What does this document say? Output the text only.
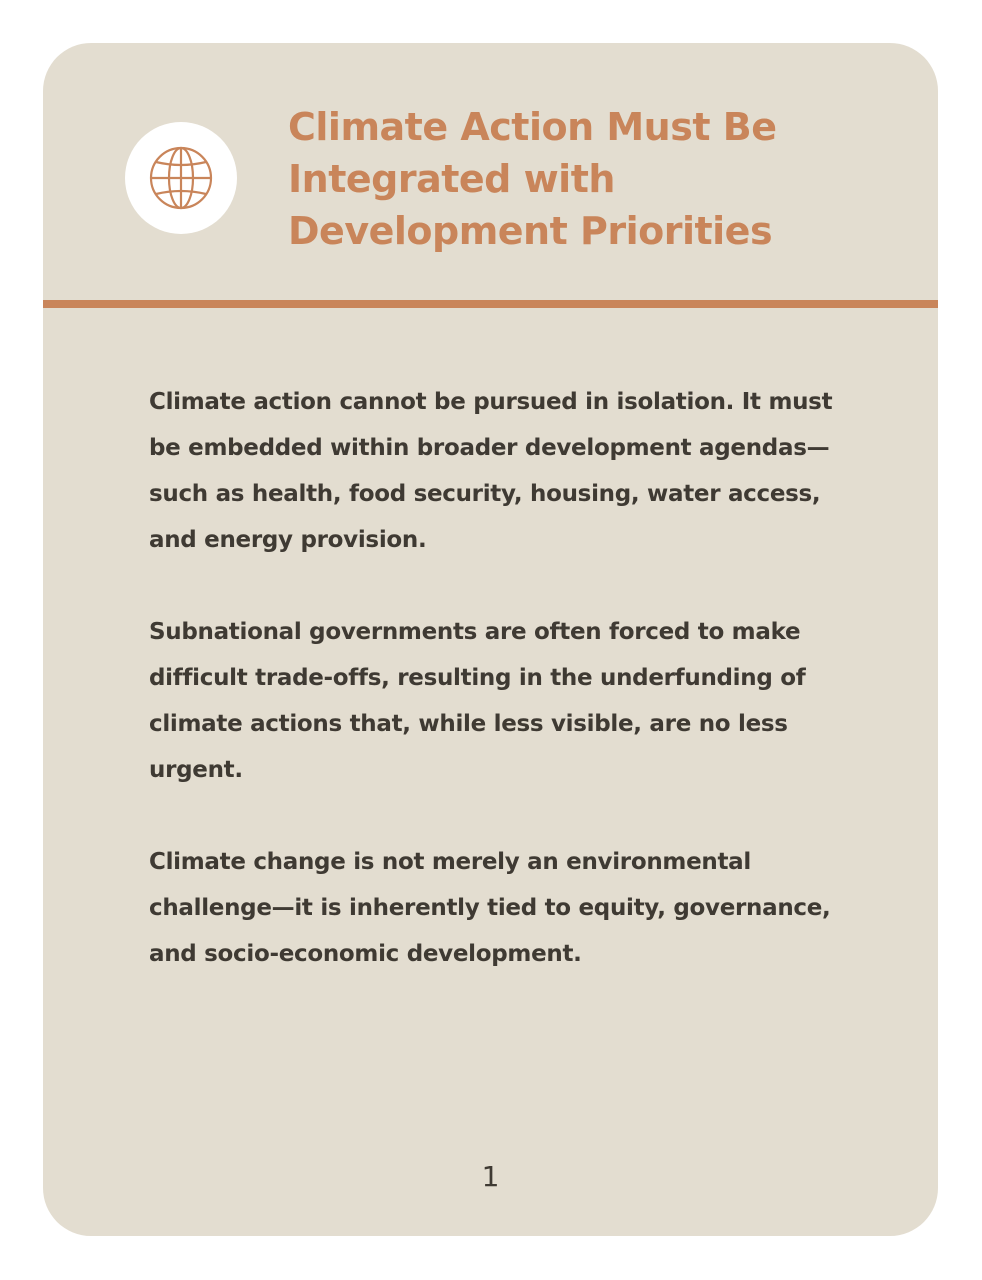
Climate Action Must Be Integrated with Development Priorities

Climate action cannot be pursued in isolation. It must be embedded within broader development agendas—such as health, food security, housing, water access, and energy provision.

Subnational governments are often forced to make difficult trade-offs, resulting in the underfunding of climate actions that, while less visible, are no less urgent.

Climate change is not merely an environmental challenge—it is inherently tied to equity, governance, and socio-economic development.

1
